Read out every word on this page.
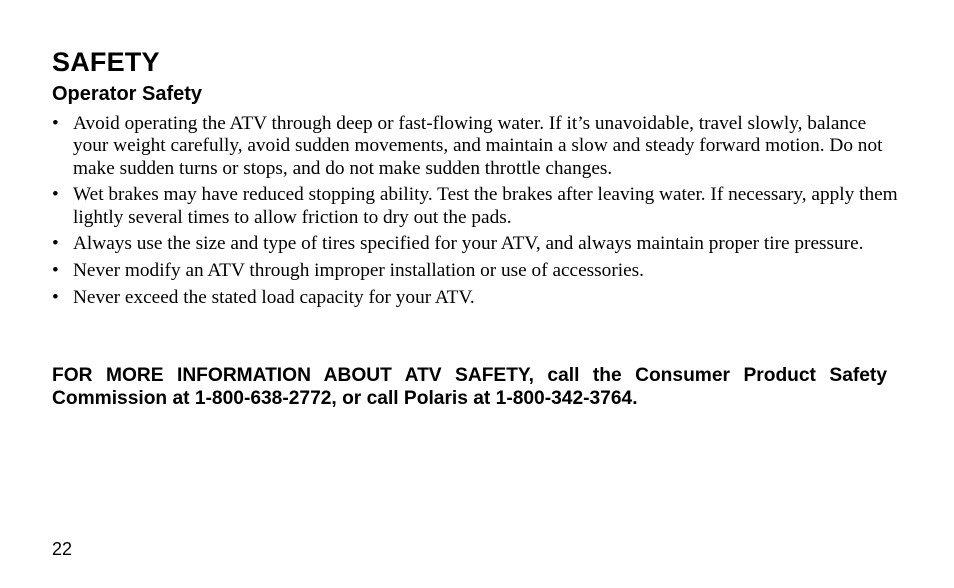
SAFETY
Operator Safety
• Avoid operating the ATV through deep or fast-flowing water. If it’s unavoidable, travel slowly, balance your weight carefully, avoid sudden movements, and maintain a slow and steady forward motion. Do not make sudden turns or stops, and do not make sudden throttle changes.
• Wet brakes may have reduced stopping ability. Test the brakes after leaving water. If necessary, apply them lightly several times to allow friction to dry out the pads.
• Always use the size and type of tires specified for your ATV, and always maintain proper tire pressure.
• Never modify an ATV through improper installation or use of accessories.
• Never exceed the stated load capacity for your ATV.

FOR MORE INFORMATION ABOUT ATV SAFETY, call the Consumer Product Safety Commission at 1-800-638-2772, or call Polaris at 1-800-342-3764.

22
